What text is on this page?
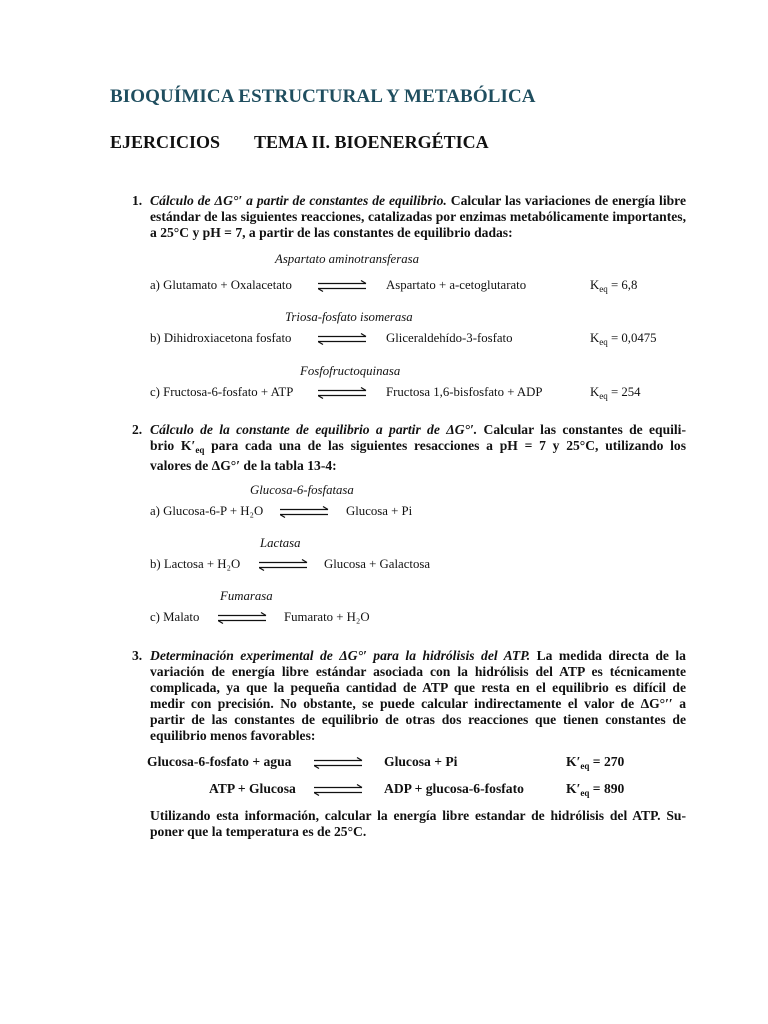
BIOQUÍMICA ESTRUCTURAL Y METABÓLICA
EJERCICIOS TEMA II. BIOENERGÉTICA
1. Cálculo de ΔG°′ a partir de constantes de equilibrio. Calcular las variaciones de energía libre estándar de las siguientes reacciones, catalizadas por enzimas metabólicamente importantes, a 25°C y pH = 7, a partir de las constantes de equilibrio dadas:
Aspartato aminotransferasa
a) Glutamato + Oxalacetato	Aspartato + a-cetoglutarato	$K_{eq} = 6,8$
Triosa-fosfato isomerasa
b) Dihidroxiacetona fosfato	Gliceraldehído-3-fosfato	$K_{eq} = 0,0475$
Fosfofructoquinasa
c) Fructosa-6-fosfato + ATP	Fructosa 1,6-bisfosfato + ADP	$K_{eq} = 254$
2. Cálculo de la constante de equilibrio a partir de ΔG°′. Calcular las constantes de equili-
brio $K'_{eq}$ para cada una de las siguientes resacciones a pH = 7 y 25°C, utilizando los
valores de ΔG°′ de la tabla 13-4:
Glucosa-6-fosfatasa
a) Glucosa-6-P + H₂O	Glucosa + Pi
Lactasa
b) Lactosa + H₂O	Glucosa + Galactosa
Fumarasa
c) Malato	Fumarato + H₂O
3. Determinación experimental de ΔG°′ para la hidrólisis del ATP. La medida directa de la
variación de energía libre estándar asociada con la hidrólisis del ATP es técnicamente
complicada, ya que la pequeña cantidad de ATP que resta en el equilibrio es difícil de
medir con precisión. No obstante, se puede calcular indirectamente el valor de ΔG°′′ a
partir de las constantes de equilibrio de otras dos reacciones que tienen constantes de
equilibrio menos favorables:
Glucosa-6-fosfato + agua	Glucosa + Pi	$K'_{eq} = 270$
ATP + Glucosa	ADP + glucosa-6-fosfato	$K'_{eq} = 890$
Utilizando esta información, calcular la energía libre estandar de hidrólisis del ATP. Su-
poner que la temperatura es de 25°C.
